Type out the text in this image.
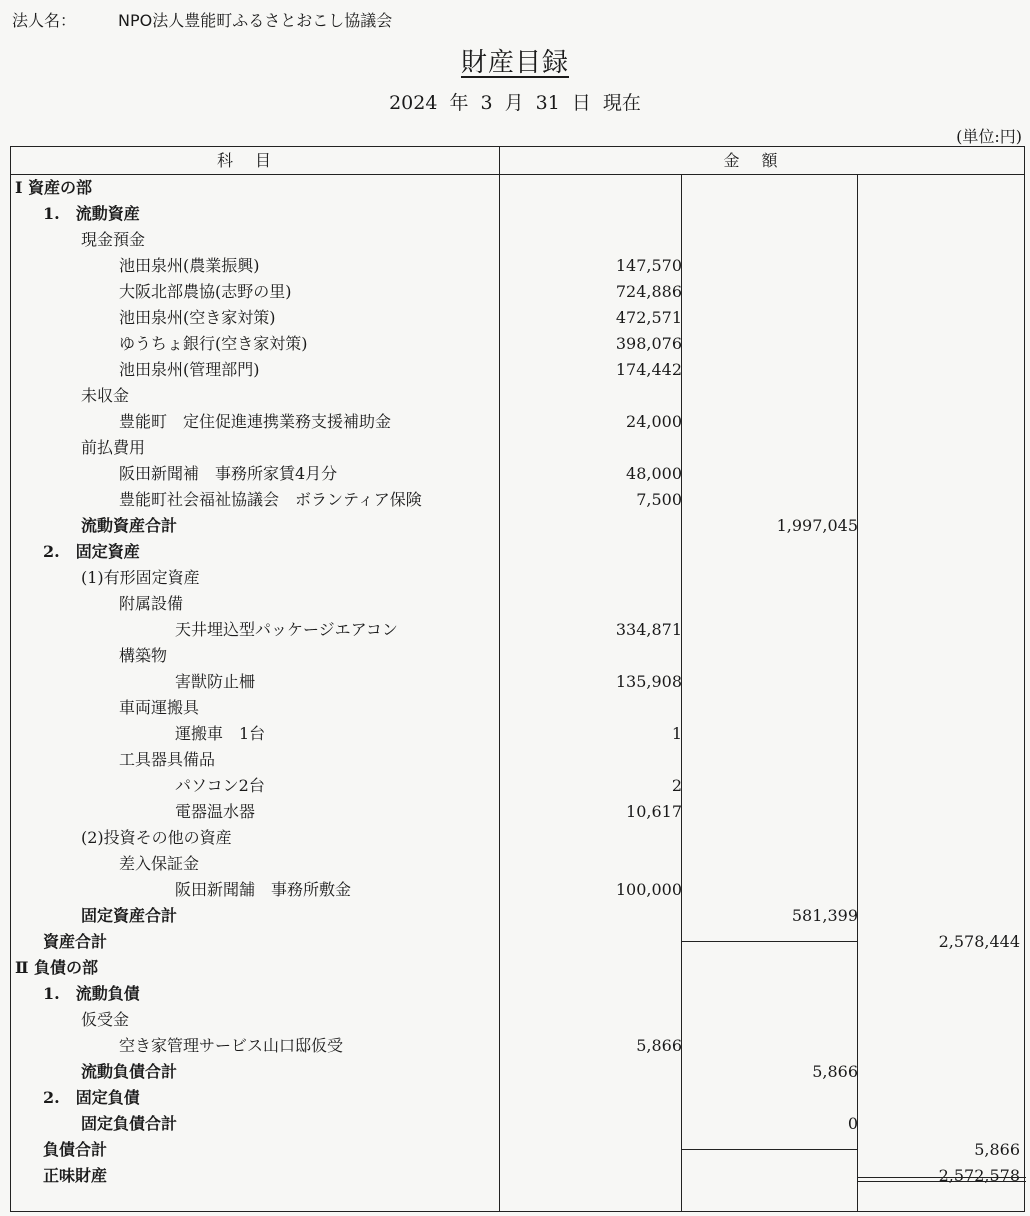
法人名：	NPO法人豊能町ふるさとおこし協議会
財産目録
2024 年 3 月 31 日 現在
(単位:円)
科目	金額
Ⅰ 資産の部
1.　流動資産
現金預金
池田泉州(農業振興)	147,570
大阪北部農協(志野の里)	724,886
池田泉州(空き家対策)	472,571
ゆうちょ銀行(空き家対策)	398,076
池田泉州(管理部門)	174,442
未収金
豊能町　定住促進連携業務支援補助金	24,000
前払費用
阪田新聞補　事務所家賃4月分	48,000
豊能町社会福祉協議会　ボランティア保険	7,500
流動資産合計	1,997,045
2.　固定資産
(1)有形固定資産
附属設備
天井埋込型パッケージエアコン	334,871
構築物
害獣防止柵	135,908
車両運搬具
運搬車　1台	1
工具器具備品
パソコン2台	2
電器温水器	10,617
(2)投資その他の資産
差入保証金
阪田新聞舗　事務所敷金	100,000
固定資産合計	581,399
資産合計	2,578,444
Ⅱ 負債の部
1.　流動負債
仮受金
空き家管理サービス山口邸仮受	5,866
流動負債合計	5,866
2.　固定負債
固定負債合計	0
負債合計	5,866
正味財産	2,572,578
